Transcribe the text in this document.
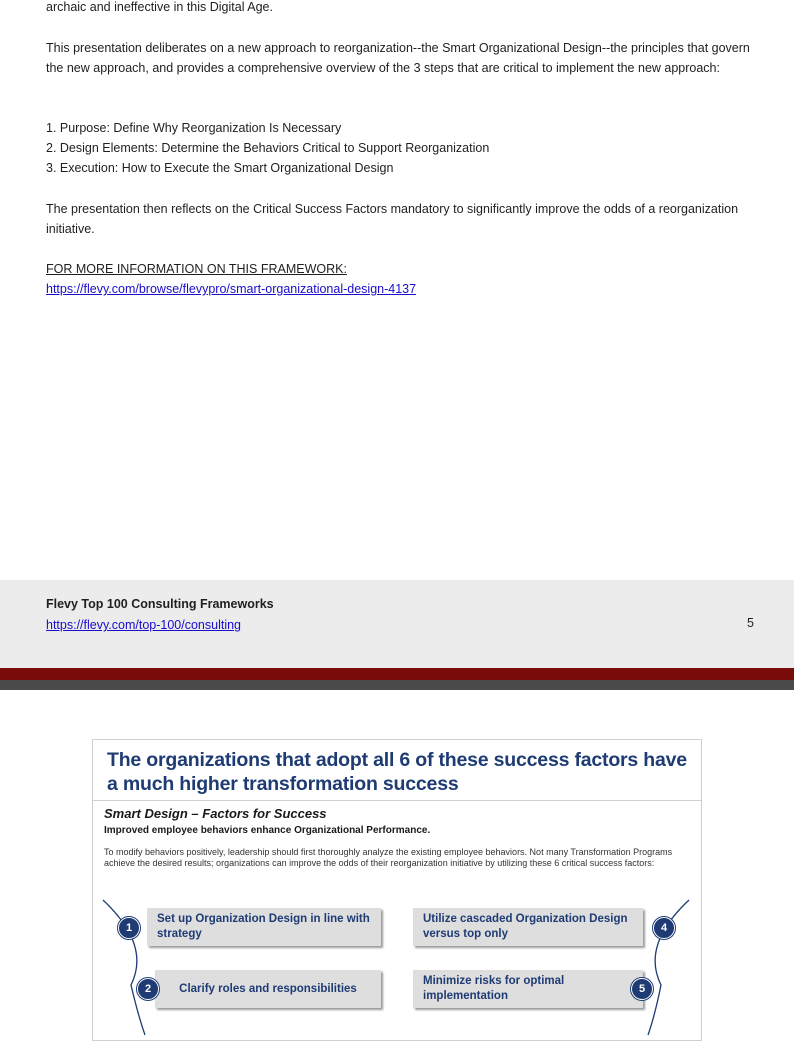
archaic and ineffective in this Digital Age.

This presentation deliberates on a new approach to reorganization--the Smart Organizational Design--the principles that govern the new approach, and provides a comprehensive overview of the 3 steps that are critical to implement the new approach:

1. Purpose: Define Why Reorganization Is Necessary
2. Design Elements: Determine the Behaviors Critical to Support Reorganization
3. Execution: How to Execute the Smart Organizational Design

The presentation then reflects on the Critical Success Factors mandatory to significantly improve the odds of a reorganization initiative.

FOR MORE INFORMATION ON THIS FRAMEWORK:
https://flevy.com/browse/flevypro/smart-organizational-design-4137
Flevy Top 100 Consulting Frameworks
https://flevy.com/top-100/consulting	5
The organizations that adopt all 6 of these success factors have a much higher transformation success
Smart Design – Factors for Success
Improved employee behaviors enhance Organizational Performance.
To modify behaviors positively, leadership should first thoroughly analyze the existing employee behaviors. Not many Transformation Programs achieve the desired results; organizations can improve the odds of their reorganization initiative by utilizing these 6 critical success factors:
Set up Organization Design in line with strategy
1
Clarify roles and responsibilities
2
Utilize cascaded Organization Design versus top only	4
Minimize risks for optimal implementation
5
